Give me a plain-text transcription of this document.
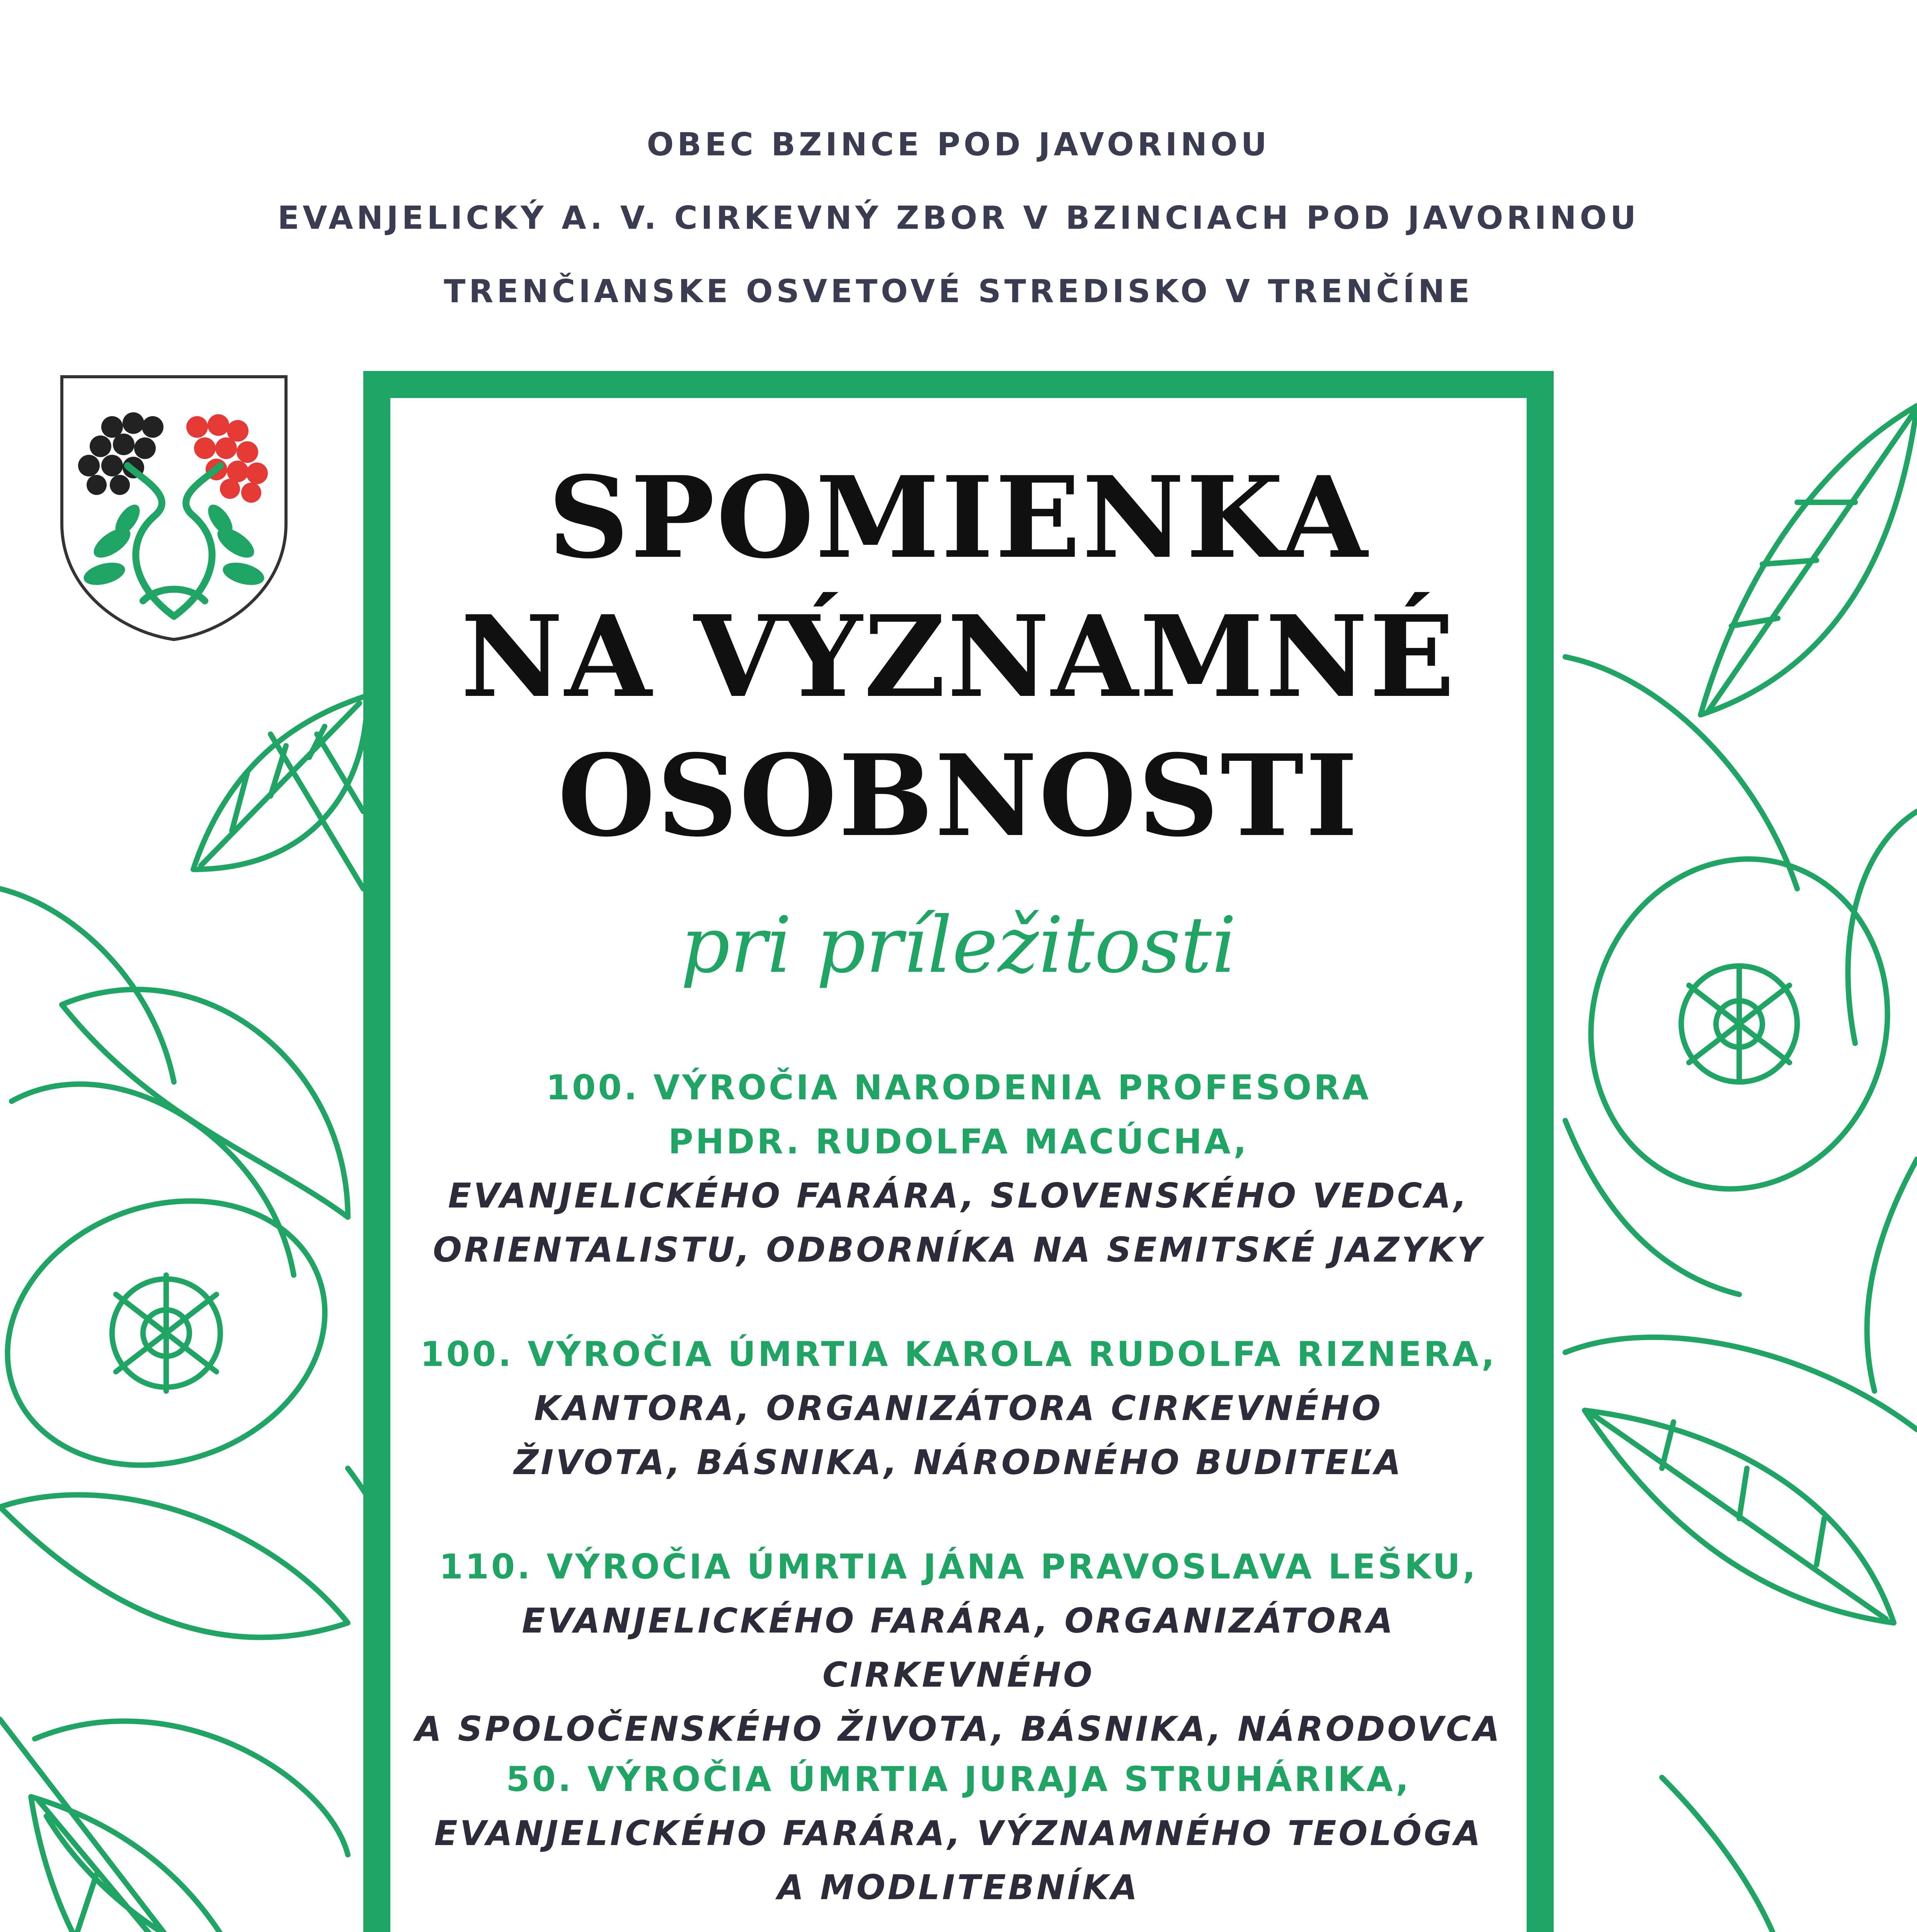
OBEC BZINCE POD JAVORINOU
EVANJELICKÝ A. V. CIRKEVNÝ ZBOR V BZINCIACH POD JAVORINOU
TRENČIANSKE OSVETOVÉ STREDISKO V TRENČÍNE
SPOMIENKA
NA VÝZNAMNÉ
OSOBNOSTI
pri príležitosti
100. VÝROČIA NARODENIA PROFESORA
PHDR. RUDOLFA MACÚCHA,
EVANJELICKÉHO FARÁRA, SLOVENSKÉHO VEDCA,
ORIENTALISTU, ODBORNÍKA NA SEMITSKÉ JAZYKY
100. VÝROČIA ÚMRTIA KAROLA RUDOLFA RIZNERA,
KANTORA, ORGANIZÁTORA CIRKEVNÉHO
ŽIVOTA, BÁSNIKA, NÁRODNÉHO BUDITEĽA
110. VÝROČIA ÚMRTIA JÁNA PRAVOSLAVA LEŠKU,
EVANJELICKÉHO FARÁRA, ORGANIZÁTORA CIRKEVNÉHO
A SPOLOČENSKÉHO ŽIVOTA, BÁSNIKA, NÁRODOVCA
50. VÝROČIA ÚMRTIA JURAJA STRUHÁRIKA,
EVANJELICKÉHO FARÁRA, VÝZNAMNÉHO TEOLÓGA
A MODLITEBNÍKA
